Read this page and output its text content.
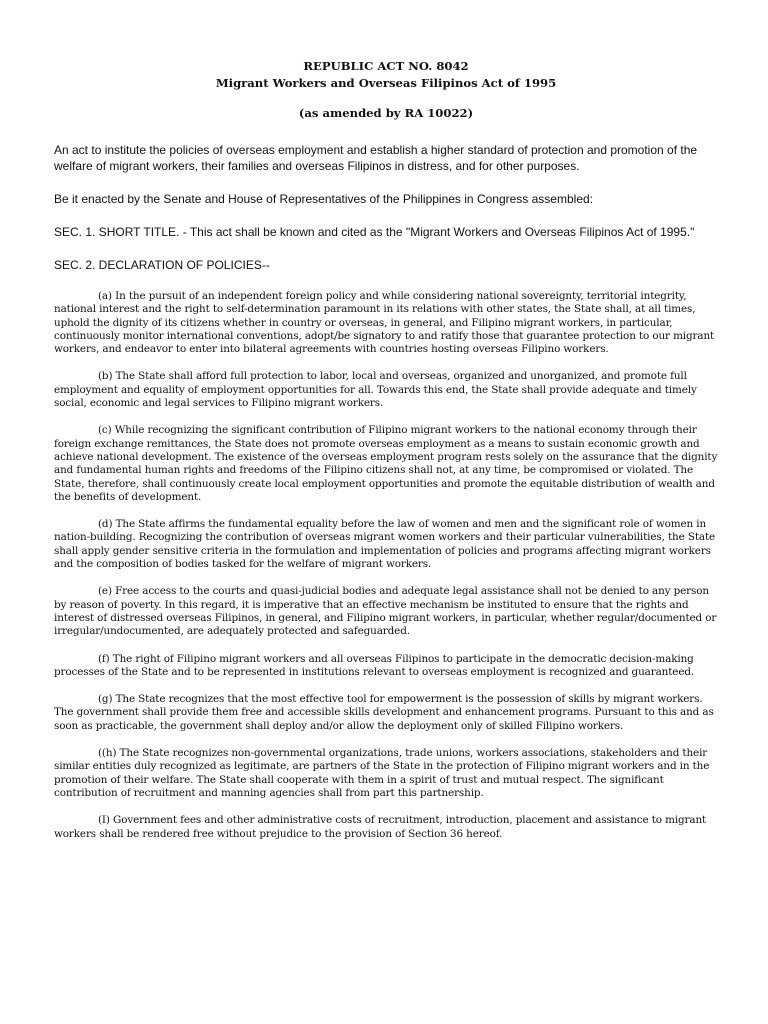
REPUBLIC ACT NO. 8042
Migrant Workers and Overseas Filipinos Act of 1995
(as amended by RA 10022)

An act to institute the policies of overseas employment and establish a higher standard of protection and promotion of the welfare of migrant workers, their families and overseas Filipinos in distress, and for other purposes.

Be it enacted by the Senate and House of Representatives of the Philippines in Congress assembled:

SEC. 1. SHORT TITLE. - This act shall be known and cited as the "Migrant Workers and Overseas Filipinos Act of 1995."

SEC. 2. DECLARATION OF POLICIES--

(a) In the pursuit of an independent foreign policy and while considering national sovereignty, territorial integrity, national interest and the right to self-determination paramount in its relations with other states, the State shall, at all times, uphold the dignity of its citizens whether in country or overseas, in general, and Filipino migrant workers, in particular, continuously monitor international conventions, adopt/be signatory to and ratify those that guarantee protection to our migrant workers, and endeavor to enter into bilateral agreements with countries hosting overseas Filipino workers.

(b) The State shall afford full protection to labor, local and overseas, organized and unorganized, and promote full employment and equality of employment opportunities for all. Towards this end, the State shall provide adequate and timely social, economic and legal services to Filipino migrant workers.

(c) While recognizing the significant contribution of Filipino migrant workers to the national economy through their foreign exchange remittances, the State does not promote overseas employment as a means to sustain economic growth and achieve national development. The existence of the overseas employment program rests solely on the assurance that the dignity and fundamental human rights and freedoms of the Filipino citizens shall not, at any time, be compromised or violated. The State, therefore, shall continuously create local employment opportunities and promote the equitable distribution of wealth and the benefits of development.

(d) The State affirms the fundamental equality before the law of women and men and the significant role of women in nation-building. Recognizing the contribution of overseas migrant women workers and their particular vulnerabilities, the State shall apply gender sensitive criteria in the formulation and implementation of policies and programs affecting migrant workers and the composition of bodies tasked for the welfare of migrant workers.

(e) Free access to the courts and quasi-judicial bodies and adequate legal assistance shall not be denied to any person by reason of poverty. In this regard, it is imperative that an effective mechanism be instituted to ensure that the rights and interest of distressed overseas Filipinos, in general, and Filipino migrant workers, in particular, whether regular/documented or irregular/undocumented, are adequately protected and safeguarded.

(f) The right of Filipino migrant workers and all overseas Filipinos to participate in the democratic decision-making processes of the State and to be represented in institutions relevant to overseas employment is recognized and guaranteed.

(g) The State recognizes that the most effective tool for empowerment is the possession of skills by migrant workers. The government shall provide them free and accessible skills development and enhancement programs. Pursuant to this and as soon as practicable, the government shall deploy and/or allow the deployment only of skilled Filipino workers.

((h) The State recognizes non-governmental organizations, trade unions, workers associations, stakeholders and their similar entities duly recognized as legitimate, are partners of the State in the protection of Filipino migrant workers and in the promotion of their welfare. The State shall cooperate with them in a spirit of trust and mutual respect. The significant contribution of recruitment and manning agencies shall from part this partnership.

(I) Government fees and other administrative costs of recruitment, introduction, placement and assistance to migrant workers shall be rendered free without prejudice to the provision of Section 36 hereof.
